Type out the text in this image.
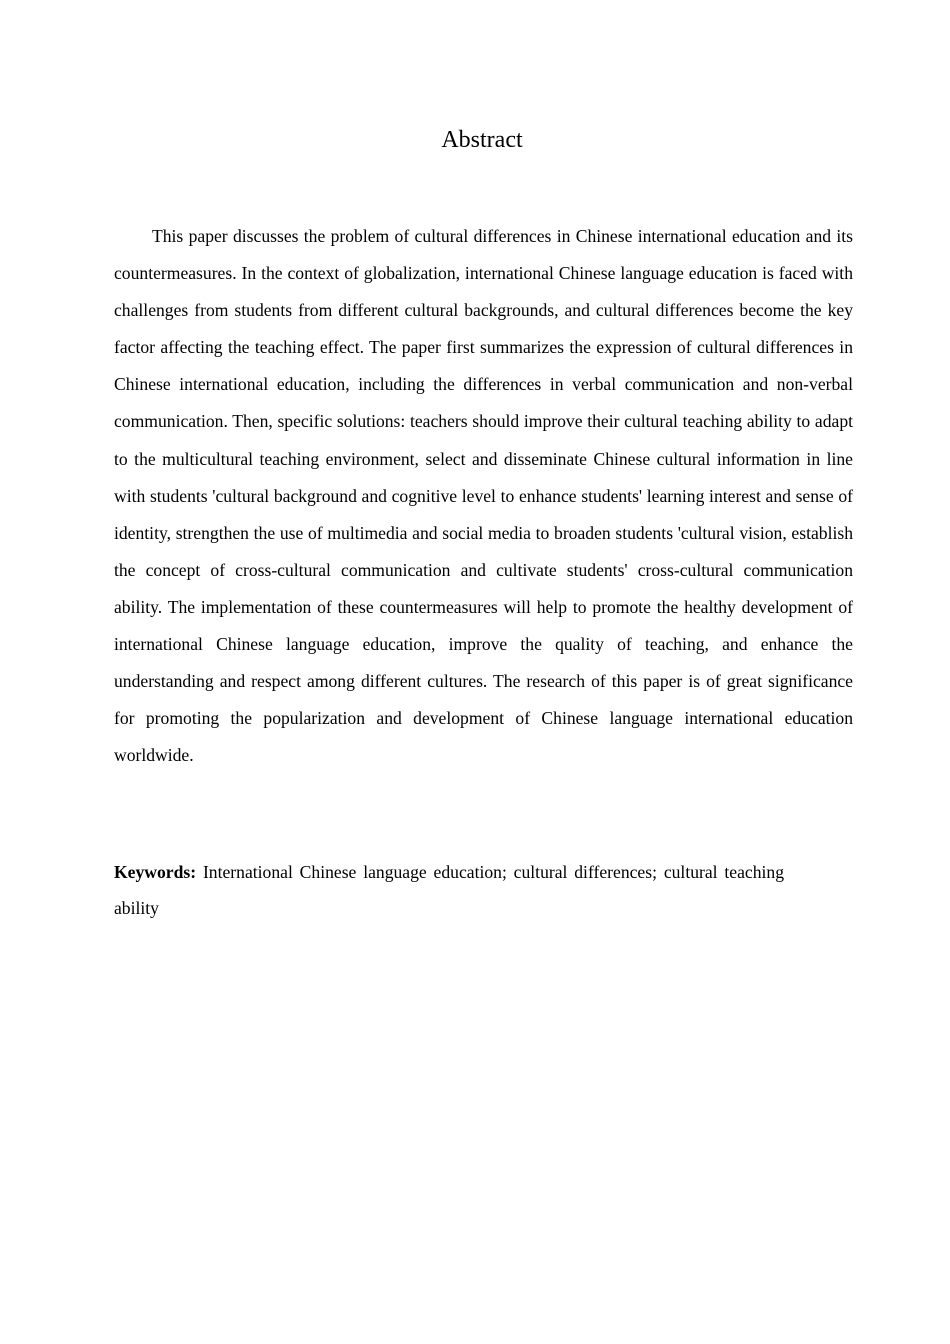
Abstract

This paper discusses the problem of cultural differences in Chinese international education and its countermeasures. In the context of globalization, international Chinese language education is faced with challenges from students from different cultural backgrounds, and cultural differences become the key factor affecting the teaching effect. The paper first summarizes the expression of cultural differences in Chinese international education, including the differences in verbal communication and non-verbal communication. Then, specific solutions: teachers should improve their cultural teaching ability to adapt to the multicultural teaching environment, select and disseminate Chinese cultural information in line with students 'cultural background and cognitive level to enhance students' learning interest and sense of identity, strengthen the use of multimedia and social media to broaden students 'cultural vision, establish the concept of cross-cultural communication and cultivate students' cross-cultural communication ability. The implementation of these countermeasures will help to promote the healthy development of international Chinese language education, improve the quality of teaching, and enhance the understanding and respect among different cultures. The research of this paper is of great significance for promoting the popularization and development of Chinese language international education worldwide.

Keywords: International Chinese language education; cultural differences; cultural teaching ability
